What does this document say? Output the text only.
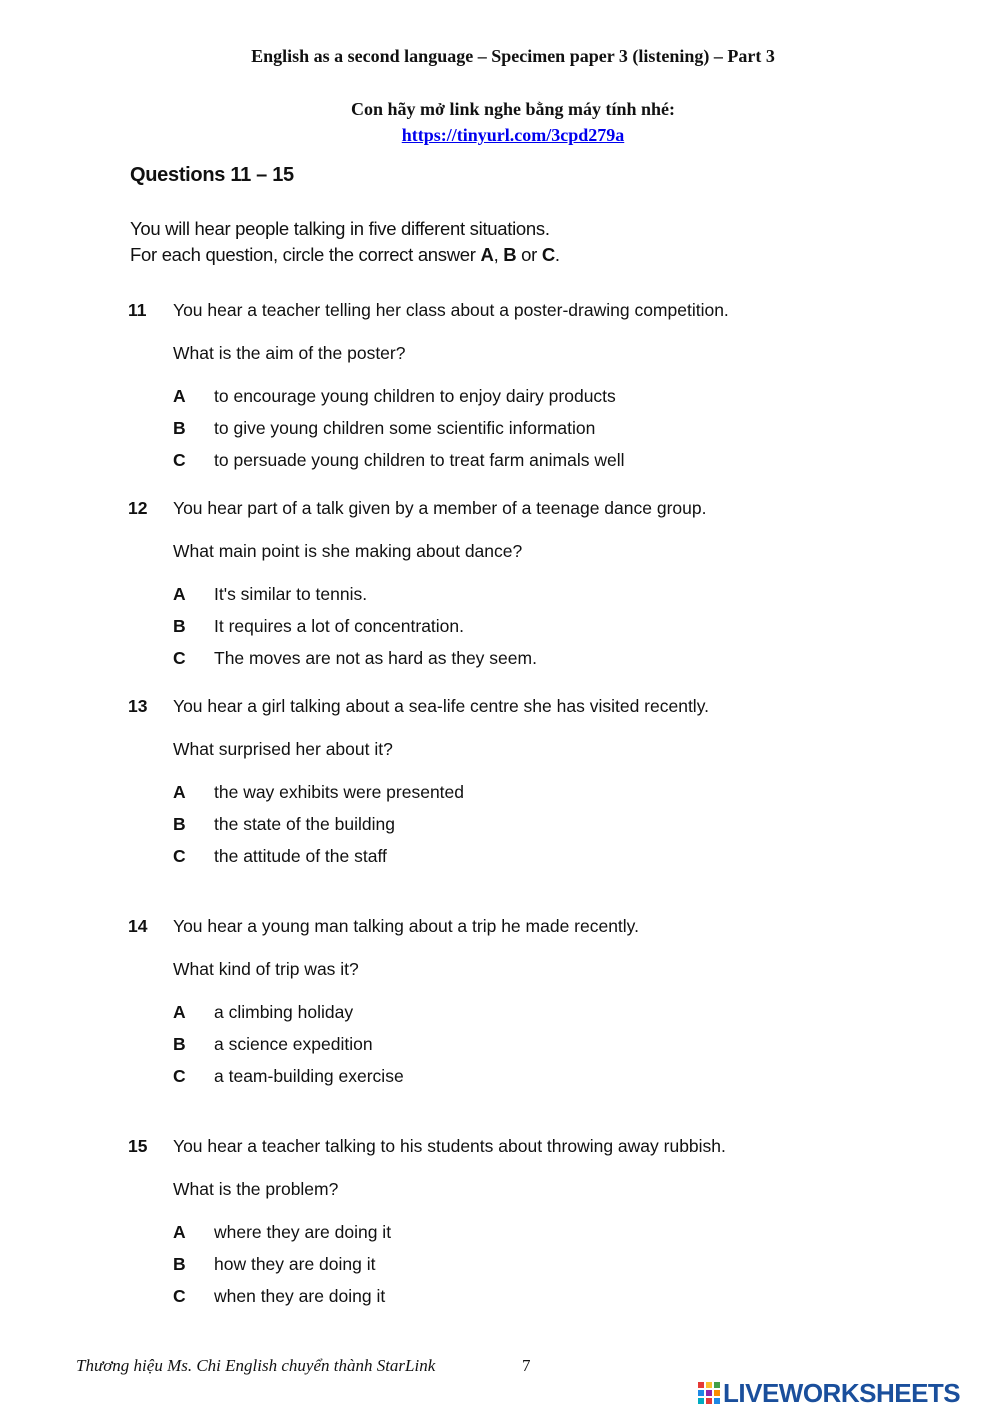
English as a second language – Specimen paper 3 (listening) – Part 3
Con hãy mở link nghe bằng máy tính nhé:
https://tinyurl.com/3cpd279a
Questions 11 – 15
You will hear people talking in five different situations.
For each question, circle the correct answer A, B or C.
11 You hear a teacher telling her class about a poster-drawing competition.
What is the aim of the poster?
A to encourage young children to enjoy dairy products
B to give young children some scientific information
C to persuade young children to treat farm animals well
12 You hear part of a talk given by a member of a teenage dance group.
What main point is she making about dance?
A It's similar to tennis.
B It requires a lot of concentration.
C The moves are not as hard as they seem.
13 You hear a girl talking about a sea-life centre she has visited recently.
What surprised her about it?
A the way exhibits were presented
B the state of the building
C the attitude of the staff
14 You hear a young man talking about a trip he made recently.
What kind of trip was it?
A a climbing holiday
B a science expedition
C a team-building exercise
15 You hear a teacher talking to his students about throwing away rubbish.
What is the problem?
A where they are doing it
B how they are doing it
C when they are doing it
Thương hiệu Ms. Chi English chuyển thành StarLink	7
LIVEWORKSHEETS
